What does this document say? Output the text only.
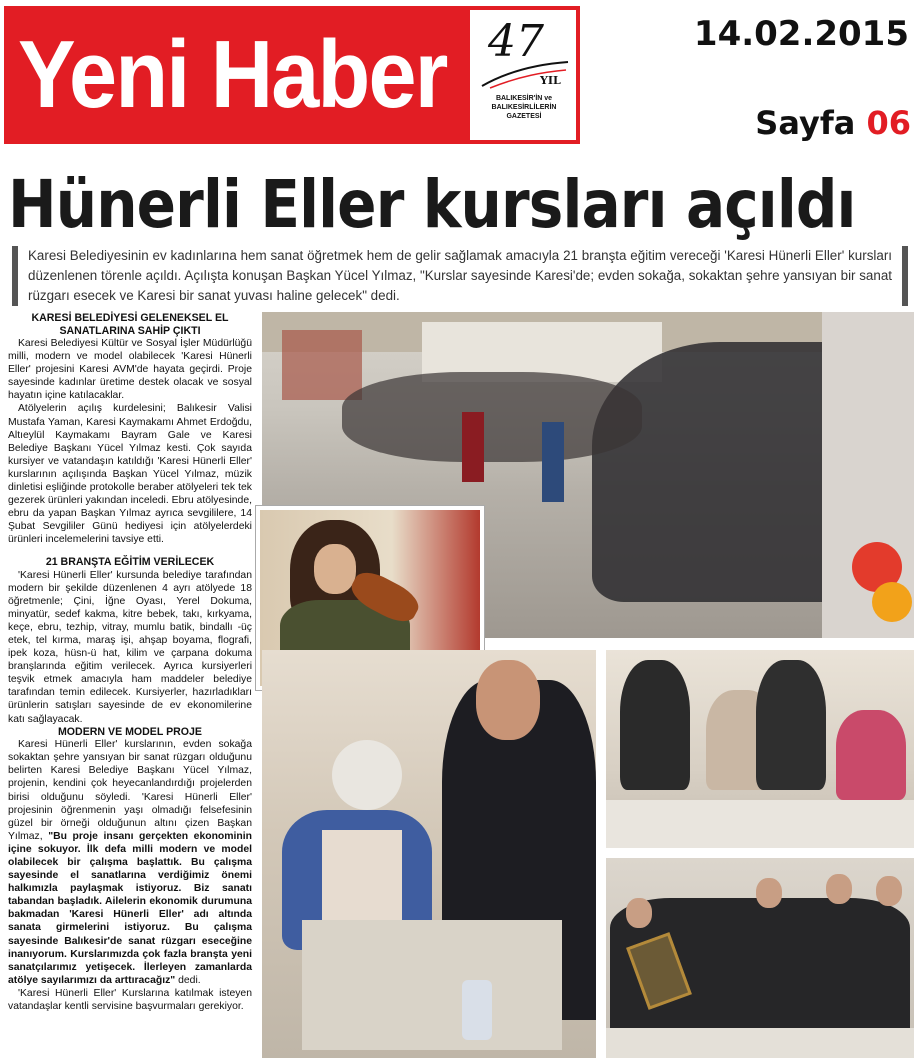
Yeni Haber 47
YIL
BALIKESİR'İN ve BALIKESİRLİLERİN GAZETESİ
14.02.2015
Sayfa 06
Hünerli Eller kursları açıldı
Karesi Belediyesinin ev kadınlarına hem sanat öğretmek hem de gelir sağlamak amacıyla 21 branşta eğitim vereceği 'Karesi Hünerli Eller' kursları düzenlenen törenle açıldı. Açılışta konuşan Başkan Yücel Yılmaz, "Kurslar sayesinde Karesi'de; evden sokağa, sokaktan şehre yansıyan bir sanat rüzgarı esecek ve Karesi bir sanat yuvası haline gelecek" dedi.
KARESİ BELEDİYESİ GELENEKSEL EL SANATLARINA SAHİP ÇIKTI

Karesi Belediyesi Kültür ve Sosyal İşler Müdürlüğü milli, modern ve model olabilecek 'Karesi Hünerli Eller' projesini Karesi AVM'de hayata geçirdi. Proje sayesinde kadınlar üretime destek olacak ve sosyal hayatın içine katılacaklar.

Atölyelerin açılış kurdelesini; Balıkesir Valisi Mustafa Yaman, Karesi Kaymakamı Ahmet Erdoğdu, Altıeylül Kaymakamı Bayram Gale ve Karesi Belediye Başkanı Yücel Yılmaz kesti. Çok sayıda kursiyer ve vatandaşın katıldığı 'Karesi Hünerli Eller' kurslarının açılışında Başkan Yücel Yılmaz, müzik dinletisi eşliğinde protokolle beraber atölyeleri tek tek gezerek ürünleri yakından inceledi. Ebru atölyesinde, ebru da yapan Başkan Yılmaz ayrıca sevgililere, 14 Şubat Sevgililer Günü hediyesi için atölyelerdeki ürünleri incelemelerini tavsiye etti.

21 BRANŞTA EĞİTİM VERİLECEK

'Karesi Hünerli Eller' kursunda belediye tarafından modern bir şekilde düzenlenen 4 ayrı atölyede 18 öğretmenle; Çini, İğne Oyası, Yerel Dokuma, minyatür, sedef kakma, kitre bebek, takı, kırkyama, keçe, ebru, tezhip, vitray, mumlu batik, bindallı -üç etek, tel kırma, maraş işi, ahşap boyama, flografi, ipek koza, hüsn-ü hat, kilim ve çarpana dokuma branşlarında eğitim verilecek. Ayrıca kursiyerleri teşvik etmek amacıyla ham maddeler belediye tarafından temin edilecek. Kursiyerler, hazırladıkları ürünlerin satışları sayesinde de ev ekonomilerine katı sağlayacak.

MODERN VE MODEL PROJE

Karesi Hünerli Eller' kurslarının, evden sokağa sokaktan şehre yansıyan bir sanat rüzgarı olduğunu belirten Karesi Belediye Başkanı Yücel Yılmaz, projenin, kendini çok heyecanlandırdığı projelerden birisi olduğunu söyledi. 'Karesi Hünerli Eller' projesinin öğrenmenin yaşı olmadığı felsefesinin güzel bir örneği olduğunun altını çizen Başkan Yılmaz, "Bu proje insanı gerçekten ekonominin içine sokuyor. İlk defa milli modern ve model olabilecek bir çalışma başlattık. Bu çalışma sayesinde el sanatlarına verdiğimiz önemi halkımızla paylaşmak istiyoruz. Biz sanatı tabandan başladık. Ailelerin ekonomik durumuna bakmadan 'Karesi Hünerli Eller' adı altında sanata girmelerini istiyoruz. Bu çalışma sayesinde Balıkesir'de sanat rüzgarı eseceğine inanıyorum. Kurslarımızda çok fazla branşta yeni sanatçılarımız yetişecek. İlerleyen zamanlarda atölye sayılarımızı da arttıracağız" dedi.

'Karesi Hünerli Eller' Kurslarına katılmak isteyen vatandaşlar kentli servisine başvurmaları gerekiyor.
